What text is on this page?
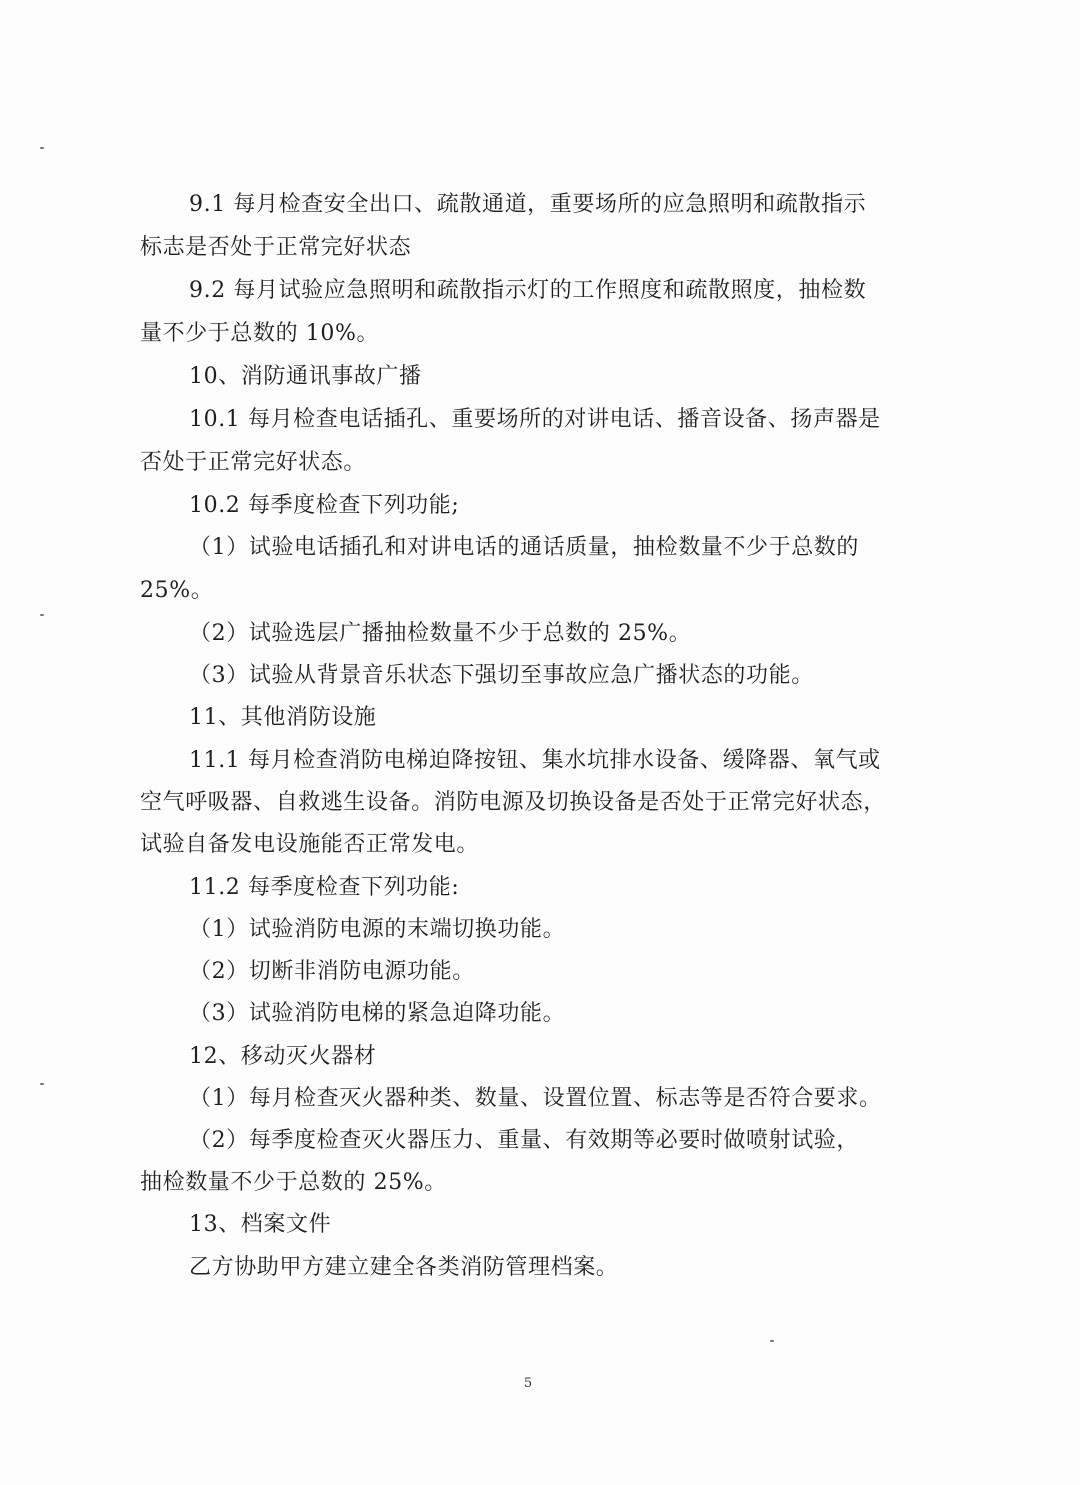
9.1 每月检查安全出口、疏散通道，重要场所的应急照明和疏散指示
标志是否处于正常完好状态
9.2 每月试验应急照明和疏散指示灯的工作照度和疏散照度，抽检数
量不少于总数的 10%。
10、消防通讯事故广播
10.1 每月检查电话插孔、重要场所的对讲电话、播音设备、扬声器是
否处于正常完好状态。
10.2 每季度检查下列功能;
（1）试验电话插孔和对讲电话的通话质量，抽检数量不少于总数的
25%。
（2）试验选层广播抽检数量不少于总数的 25%。
（3）试验从背景音乐状态下强切至事故应急广播状态的功能。
11、其他消防设施
11.1 每月检查消防电梯迫降按钮、集水坑排水设备、缓降器、氧气或
空气呼吸器、自救逃生设备。消防电源及切换设备是否处于正常完好状态，
试验自备发电设施能否正常发电。
11.2 每季度检查下列功能:
（1）试验消防电源的末端切换功能。
（2）切断非消防电源功能。
（3）试验消防电梯的紧急迫降功能。
12、移动灭火器材
（1）每月检查灭火器种类、数量、设置位置、标志等是否符合要求。
（2）每季度检查灭火器压力、重量、有效期等必要时做喷射试验，
抽检数量不少于总数的 25%。
13、档案文件
乙方协助甲方建立建全各类消防管理档案。
5
